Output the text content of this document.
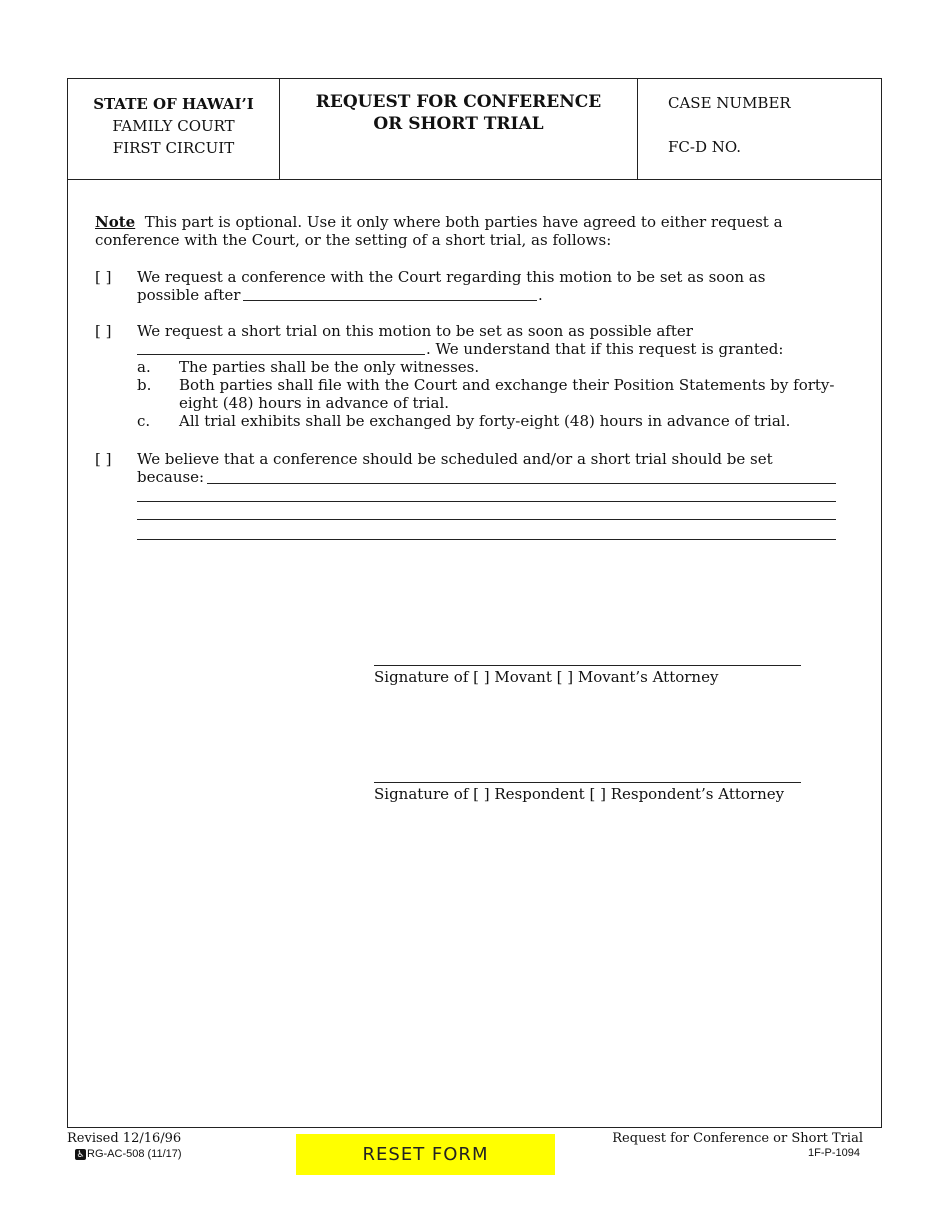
STATE OF HAWAI’I
FAMILY COURT
FIRST CIRCUIT
REQUEST FOR CONFERENCE
OR SHORT TRIAL
CASE NUMBER
FC-D NO.
Note This part is optional. Use it only where both parties have agreed to either request a
conference with the Court, or the setting of a short trial, as follows:
[ ] We request a conference with the Court regarding this motion to be set as soon as
possible after	.
[ ] We request a short trial on this motion to be set as soon as possible after
. We understand that if this request is granted:
a. The parties shall be the only witnesses.
b. Both parties shall file with the Court and exchange their Position Statements by forty-
eight (48) hours in advance of trial.
c. All trial exhibits shall be exchanged by forty-eight (48) hours in advance of trial.
[ ] We believe that a conference should be scheduled and/or a short trial should be set
because:
Signature of [ ] Movant [ ] Movant’s Attorney
Signature of [ ] Respondent [ ] Respondent’s Attorney
Revised 12/16/96
♿ RG-AC-508 (11/17)	RESET FORM
Request for Conference or Short Trial
1F-P-1094
